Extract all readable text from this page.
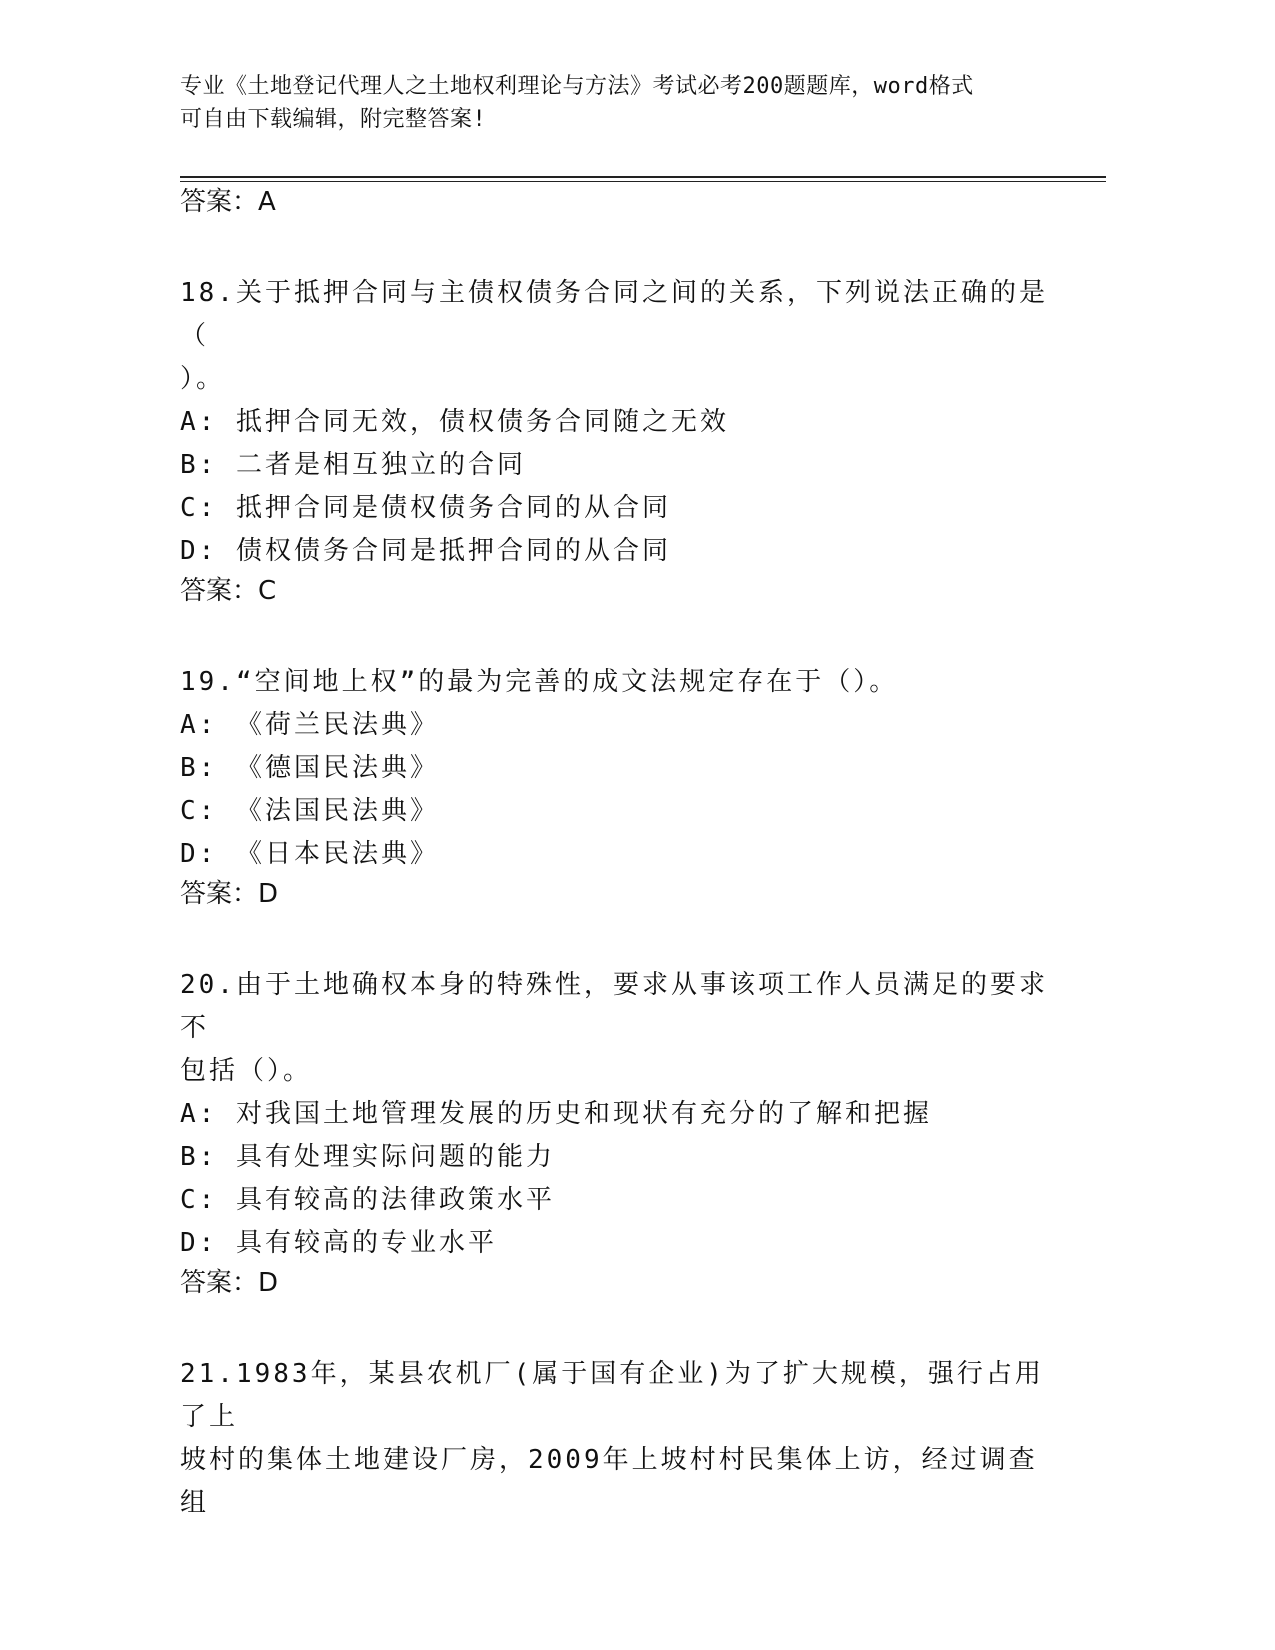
专业《土地登记代理人之土地权利理论与方法》考试必考200题题库，word格式
可自由下载编辑，附完整答案!
答案：A
18.关于抵押合同与主债权债务合同之间的关系，下列说法正确的是（
）。
A: 抵押合同无效，债权债务合同随之无效
B: 二者是相互独立的合同
C: 抵押合同是债权债务合同的从合同
D: 债权债务合同是抵押合同的从合同
答案：C
19.“空间地上权”的最为完善的成文法规定存在于（）。
A: 《荷兰民法典》
B: 《德国民法典》
C: 《法国民法典》
D: 《日本民法典》
答案：D
20.由于土地确权本身的特殊性，要求从事该项工作人员满足的要求不
包括（）。
A: 对我国土地管理发展的历史和现状有充分的了解和把握
B: 具有处理实际问题的能力
C: 具有较高的法律政策水平
D: 具有较高的专业水平
答案：D
21.1983年，某县农机厂(属于国有企业)为了扩大规模，强行占用了上
坡村的集体土地建设厂房，2009年上坡村村民集体上访，经过调查组
